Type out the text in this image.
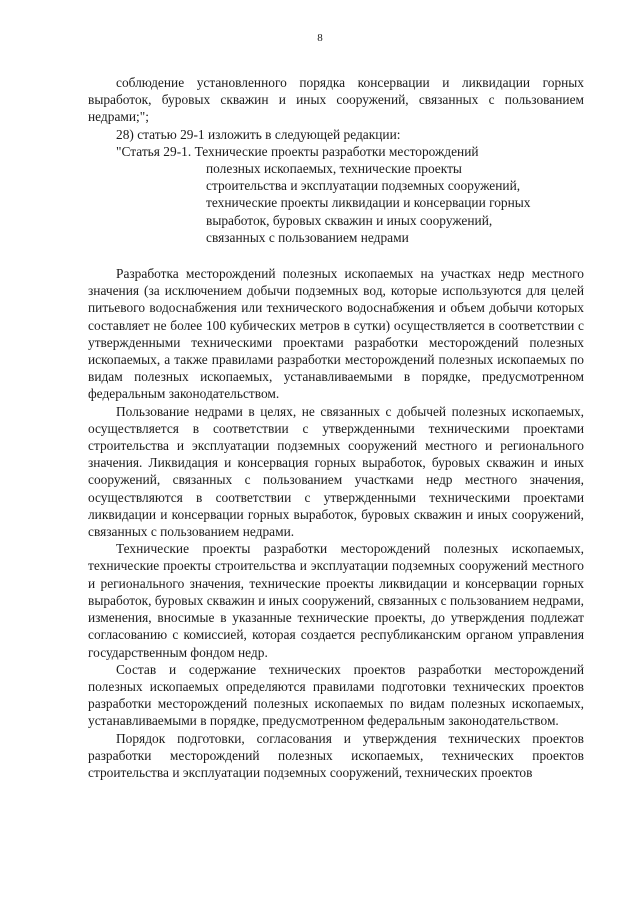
8

соблюдение установленного порядка консервации и ликвидации горных выработок, буровых скважин и иных сооружений, связанных с пользованием недрами;";

28) статью 29-1 изложить в следующей редакции:

"Статья 29-1.
Технические проекты разработки месторождений
полезных ископаемых, технические проекты
строительства и эксплуатации подземных сооружений,
технические проекты ликвидации и консервации горных
выработок, буровых скважин и иных сооружений,
связанных с пользованием недрами

Разработка месторождений полезных ископаемых на участках недр местного значения (за исключением добычи подземных вод, которые используются для целей питьевого водоснабжения или технического водоснабжения и объем добычи которых составляет не более 100 кубических метров в сутки) осуществляется в соответствии с утвержденными техническими проектами разработки месторождений полезных ископаемых, а также правилами разработки месторождений полезных ископаемых по видам полезных ископаемых, устанавливаемыми в порядке, предусмотренном федеральным законодательством.

Пользование недрами в целях, не связанных с добычей полезных ископаемых, осуществляется в соответствии с утвержденными техническими проектами строительства и эксплуатации подземных сооружений местного и регионального значения. Ликвидация и консервация горных выработок, буровых скважин и иных сооружений, связанных с пользованием участками недр местного значения, осуществляются в соответствии с утвержденными техническими проектами ликвидации и консервации горных выработок, буровых скважин и иных сооружений, связанных с пользованием недрами.

Технические проекты разработки месторождений полезных ископаемых, технические проекты строительства и эксплуатации подземных сооружений местного и регионального значения, технические проекты ликвидации и консервации горных выработок, буровых скважин и иных сооружений, связанных с пользованием недрами, изменения, вносимые в указанные технические проекты, до утверждения подлежат согласованию с комиссией, которая создается республиканским органом управления государственным фондом недр.

Состав и содержание технических проектов разработки месторождений полезных ископаемых определяются правилами подготовки технических проектов разработки месторождений полезных ископаемых по видам полезных ископаемых, устанавливаемыми в порядке, предусмотренном федеральным законодательством.

Порядок подготовки, согласования и утверждения технических проектов разработки месторождений полезных ископаемых, технических проектов строительства и эксплуатации подземных сооружений, технических проектов
